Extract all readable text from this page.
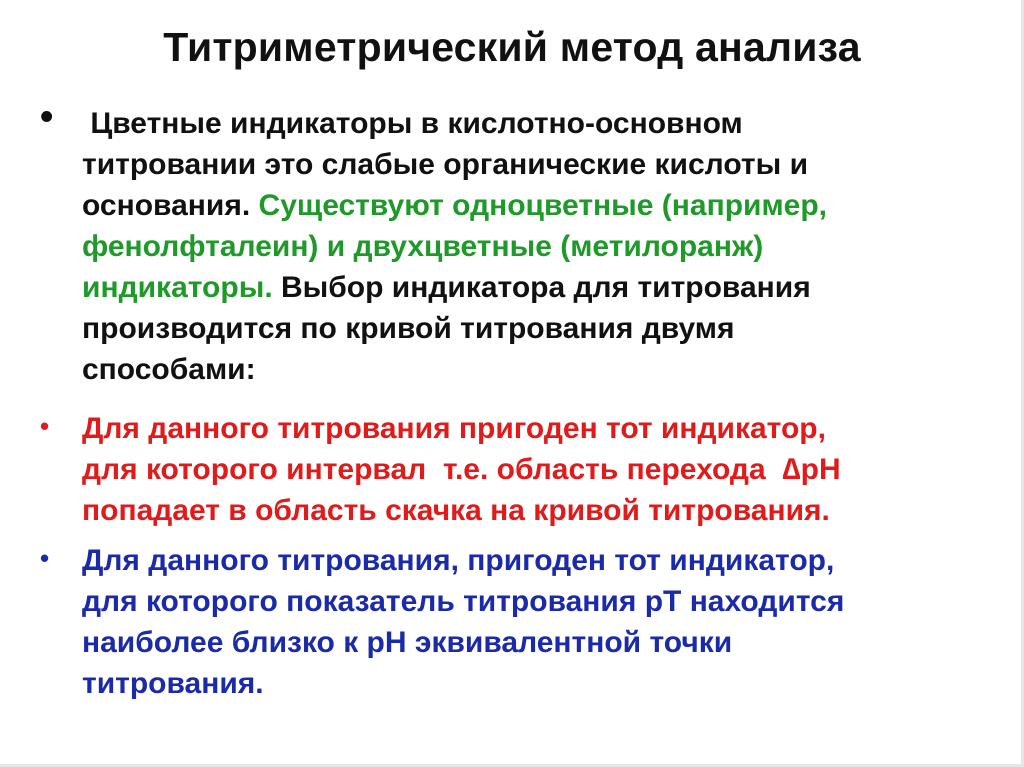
Титриметрический метод анализа
• Цветные индикаторы в кислотно-основном
титровании это слабые органические кислоты и
основания. Существуют одноцветные (например,
фенолфталеин) и двухцветные (метилоранж)
индикаторы. Выбор индикатора для титрования
производится по кривой титрования двумя
способами:
• Для данного титрования пригоден тот индикатор,
для которого интервал  т.е. область перехода  ∆рН
попадает в область скачка на кривой титрования.
• Для данного титрования, пригоден тот индикатор,
для которого показатель титрования рТ находится
наиболее близко к рН эквивалентной точки
титрования.
